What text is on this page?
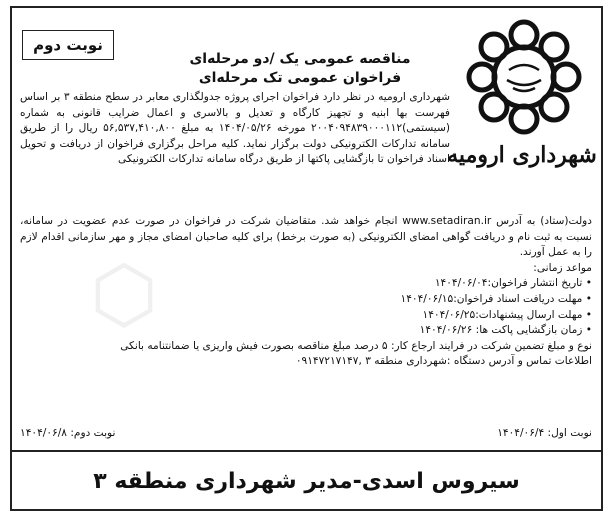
شهرداری ارومیه
نوبت دوم
مناقصه عمومی یک /دو مرحله‌ای
فراخوان عمومی تک مرحله‌ای
شهرداری ارومیه در نظر دارد فراخوان اجرای پروژه جدولگذاری معابر در سطح منطقه ۳ بر اساس فهرست بها ابنیه و تجهیز کارگاه و تعدیل و بالاسری و اعمال ضرایب قانونی به شماره (سیستمی)۲۰۰۴۰۹۴۸۳۹۰۰۰۱۱۲ مورخه ۱۴۰۴/۰۵/۲۶ به مبلغ ۵۶,۵۳۷,۴۱۰,۸۰۰ ریال را از طریق سامانه تدارکات الکترونیکی دولت برگزار نماید. کلیه مراحل برگزاری فراخوان از دریافت و تحویل اسناد فراخوان تا بازگشایی پاکتها از طریق درگاه سامانه تدارکات الکترونیکی
دولت(ستاد) به آدرس www.setadiran.ir انجام خواهد شد. متقاضیان شرکت در فراخوان در صورت عدم عضویت در سامانه، نسبت به ثبت نام و دریافت گواهی امضای الکترونیکی (به صورت برخط) برای کلیه صاحبان امضای مجاز و مهر سازمانی اقدام لازم را به عمل آورند.
مواعد زمانی:
• تاریخ انتشار فراخوان:۱۴۰۴/۰۶/۰۴
• مهلت دریافت اسناد فراخوان:۱۴۰۴/۰۶/۱۵
• مهلت ارسال پیشنهادات:۱۴۰۴/۰۶/۲۵
• زمان بازگشایی پاکت ها: ۱۴۰۴/۰۶/۲۶
نوع و مبلغ تضمین شرکت در فرایند ارجاع کار: ۵ درصد مبلغ مناقصه بصورت فیش واریزی یا ضمانتنامه بانکی
اطلاعات تماس و آدرس دستگاه :شهرداری منطقه ۳ ,۰۹۱۴۷۲۱۷۱۴۷
نوبت اول: ۱۴۰۴/۰۶/۴
نوبت دوم: ۱۴۰۴/۰۶/۸
سیروس اسدی-مدیر شهرداری منطقه ۳
